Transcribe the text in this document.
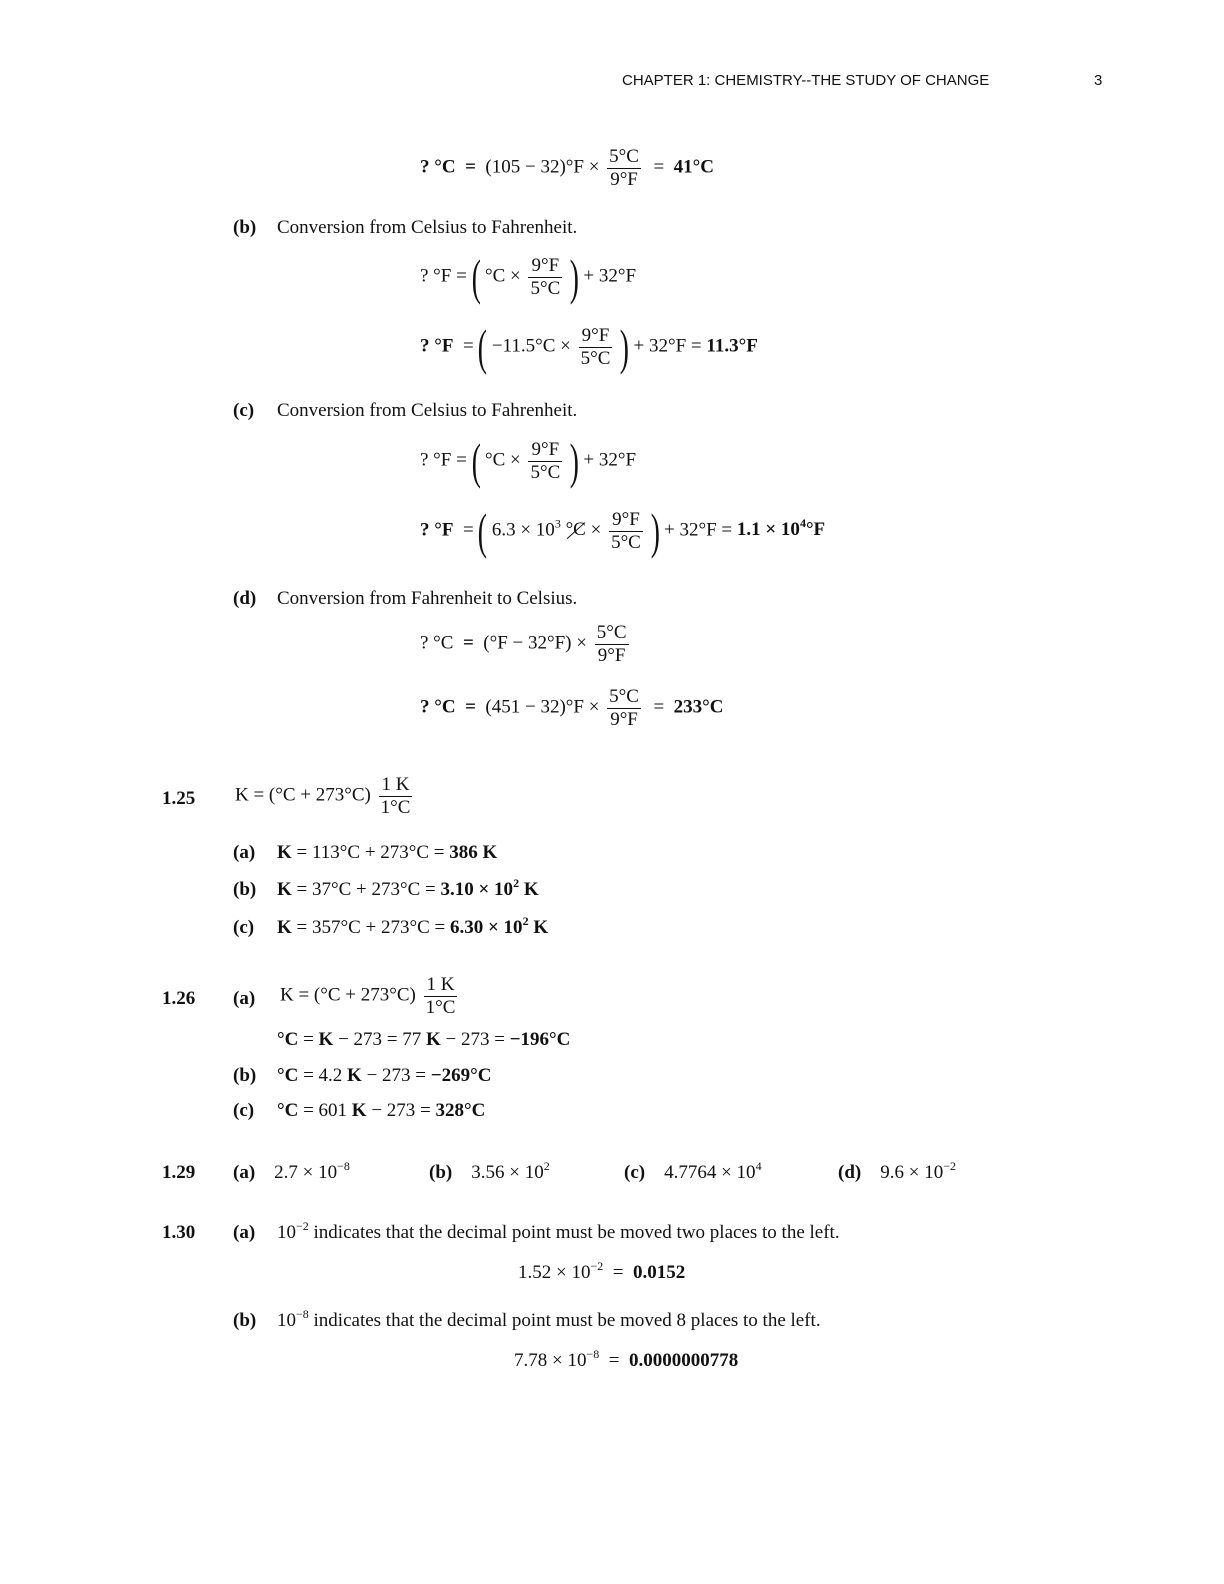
CHAPTER 1: CHEMISTRY--THE STUDY OF CHANGE	3
? $^\circ C = (105 - 32)^\circ F \times \frac{5^\circ C}{9^\circ F} = 41^\circ C$
(b) Conversion from Celsius to Fahrenheit.
? °F = ( $^\circ C \times \frac{9^\circ F}{5^\circ C}$ ) + 32°F
? °F  = ( $-11.5^\circ C \times \frac{9^\circ F}{5^\circ C}$ ) + 32°F = 11.3°F
(c) Conversion from Celsius to Fahrenheit.
? °F = ( $^\circ C \times \frac{9^\circ F}{5^\circ C}$ ) + 32°F
? °F  = ( $6.3 \times 10^3$ $^\circ C \times \frac{9^\circ F}{5^\circ C}$ ) + $32^\circ F = 1.1 \times 10^4^\circ F$
(d) Conversion from Fahrenheit to Celsius.
? $^\circ C = (^\circ F - 32^\circ F) \times \frac{5^\circ C}{9^\circ F}$
? $^\circ C = (451 - 32)^\circ F \times \frac{5^\circ C}{9^\circ F} = 233^\circ C$
1.25 $K = (^\circ C + 273^\circ C) \frac{1 K}{1^\circ C}$
(a) K = 113°C + 273°C = 386 K
(b) $K = 37^\circ C + 273^\circ C = 3.10 \times 10^2$ K
(c) $K = 357^\circ C + 273^\circ C = 6.30 \times 10^2$ K
1.26 (a) $K = (^\circ C + 273^\circ C) \frac{1 K}{1^\circ C}$
°C = K − 273 = 77 K − 273 = −196°C
(b) °C = 4.2 K − 273 = −269°C
(c) °C = 601 K − 273 = 328°C
1.29 (a) $2.7 \times 10^{-8}$	(b) $3.56 \times 10^2$	(c) $4.7764 \times 10^4$	(d) $9.6 \times 10^{-2}$
1.30 (a) $10^{-2}$ indicates that the decimal point must be moved two places to the left.
$1.52 \times 10^{-2} = 0.0152$
(b) $10^{-8}$ indicates that the decimal point must be moved 8 places to the left.
$7.78 \times 10^{-8} = 0.0000000778$
